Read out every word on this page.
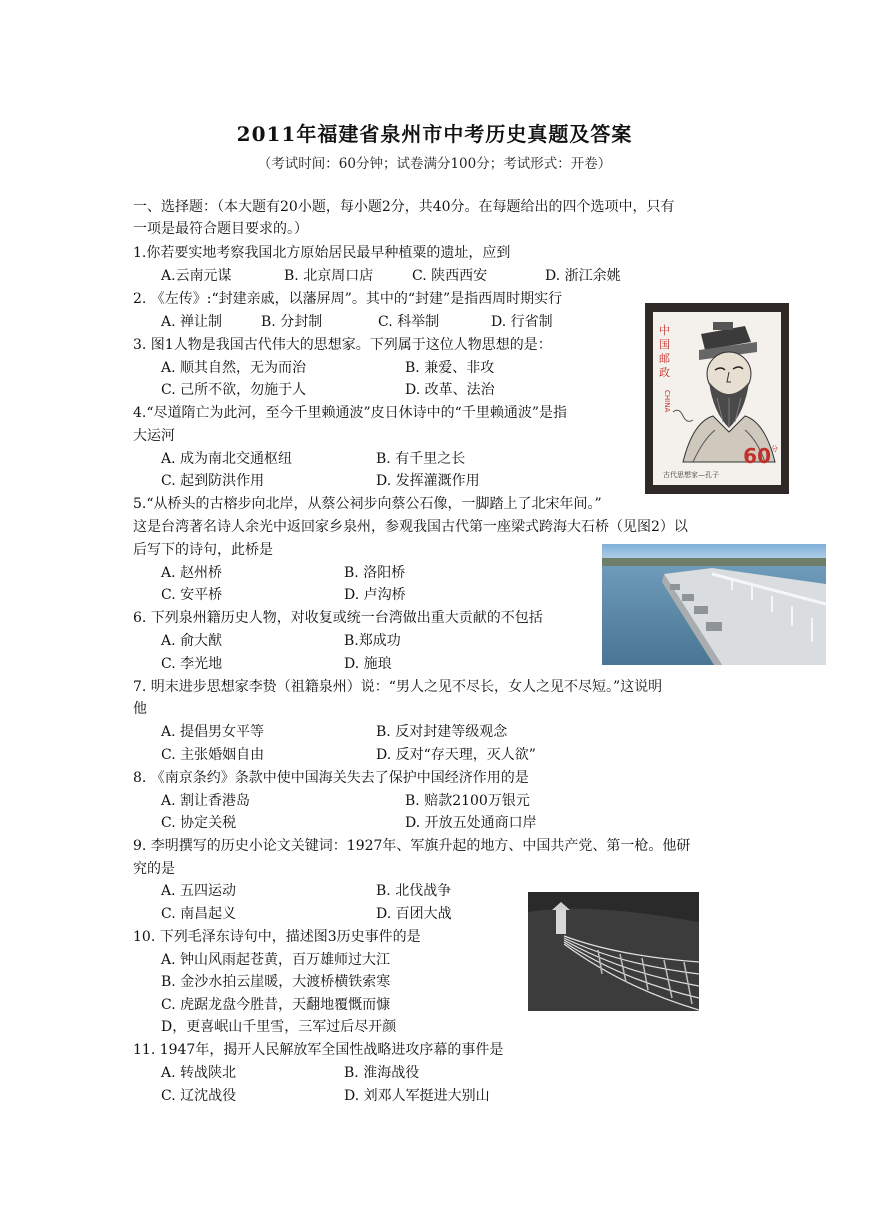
2011年福建省泉州市中考历史真题及答案
（考试时间：60分钟；试卷满分100分；考试形式：开卷）
一、选择题：（本大题有20小题，每小题2分，共40分。在每题给出的四个选项中，只有
一项是最符合题目要求的。）
1.你若要实地考察我国北方原始居民最早种植粟的遗址，应到
A.云南元谋	B. 北京周口店	C. 陕西西安	D. 浙江余姚
2. 《左传》:“封建亲戚，以藩屏周”。其中的“封建”是指西周时期实行
A. 禅让制	B. 分封制	C. 科举制	D. 行省制
3. 图1人物是我国古代伟大的思想家。下列属于这位人物思想的是：
A. 顺其自然，无为而治	B. 兼爱、非攻
C. 己所不欲，勿施于人	D. 改革、法治
4.“尽道隋亡为此河，至今千里赖通波”皮日休诗中的“千里赖通波”是指
大运河
A. 成为南北交通枢纽	B. 有千里之长
C. 起到防洪作用	D. 发挥灌溉作用
5.“从桥头的古榕步向北岸，从蔡公祠步向蔡公石像，一脚踏上了北宋年间。”
这是台湾著名诗人余光中返回家乡泉州，参观我国古代第一座梁式跨海大石桥（见图2）以
后写下的诗句，此桥是
A. 赵州桥	B. 洛阳桥
C. 安平桥	D. 卢沟桥
6. 下列泉州籍历史人物，对收复或统一台湾做出重大贡献的不包括
A. 俞大猷	B.郑成功
C. 李光地	D. 施琅
7. 明末进步思想家李贽（祖籍泉州）说：“男人之见不尽长，女人之见不尽短。”这说明
他
A. 提倡男女平等	B. 反对封建等级观念
C. 主张婚姻自由	D. 反对“存天理，灭人欲”
8. 《南京条约》条款中使中国海关失去了保护中国经济作用的是
A. 割让香港岛	B. 赔款2100万银元
C. 协定关税	D. 开放五处通商口岸
9. 李明撰写的历史小论文关键词：1927年、军旗升起的地方、中国共产党、第一枪。他研
究的是
A. 五四运动	B. 北伐战争
C. 南昌起义	D. 百团大战
10. 下列毛泽东诗句中，描述图3历史事件的是
A. 钟山风雨起苍黄，百万雄师过大江
B. 金沙水拍云崖暖，大渡桥横铁索寒
C. 虎踞龙盘今胜昔，天翻地覆慨而慷
D，更喜岷山千里雪，三军过后尽开颜
11. 1947年，揭开人民解放军全国性战略进攻序幕的事件是
A. 转战陕北	B. 淮海战役
C. 辽沈战役	D. 刘邓人军挺进大别山
中国邮政
CHINA
60 分
古代思想家—孔子
